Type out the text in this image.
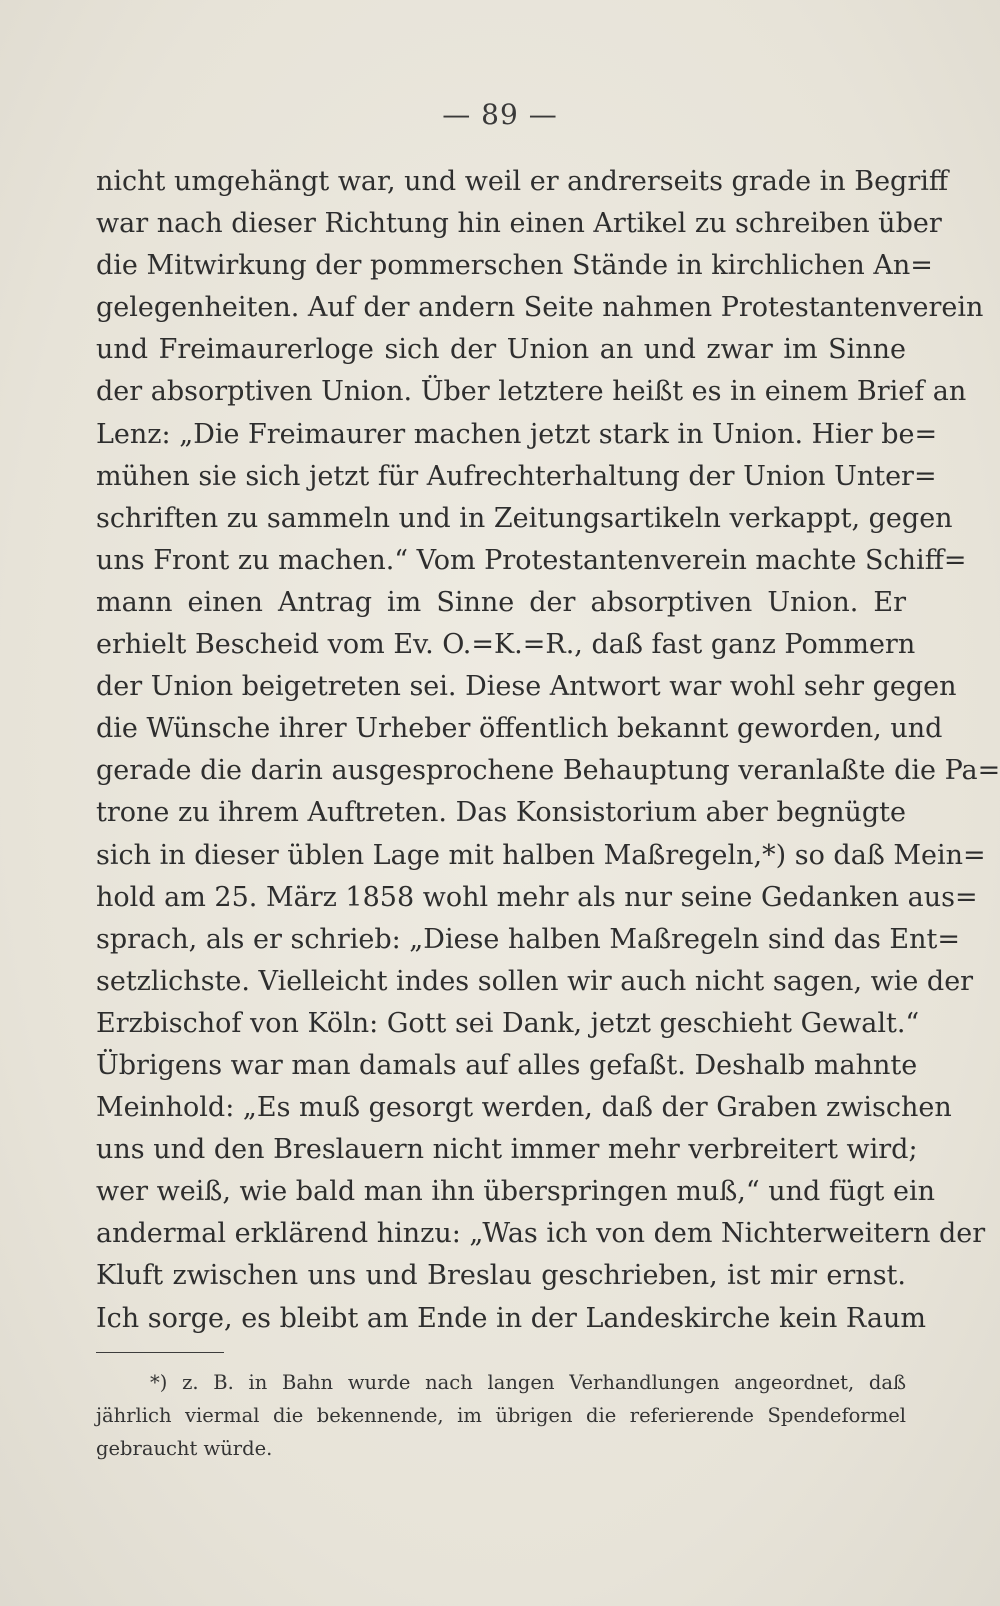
— 89 —
nicht umgehängt war, und weil er andrerseits grade in Begriff
war nach dieser Richtung hin einen Artikel zu schreiben über
die Mitwirkung der pommerschen Stände in kirchlichen An=
gelegenheiten. Auf der andern Seite nahmen Protestantenverein
und Freimaurerloge sich der Union an und zwar im Sinne
der absorptiven Union. Über letztere heißt es in einem Brief an
Lenz: „Die Freimaurer machen jetzt stark in Union. Hier be=
mühen sie sich jetzt für Aufrechterhaltung der Union Unter=
schriften zu sammeln und in Zeitungsartikeln verkappt, gegen
uns Front zu machen.“ Vom Protestantenverein machte Schiff=
mann einen Antrag im Sinne der absorptiven Union. Er
erhielt Bescheid vom Ev. O.=K.=R., daß fast ganz Pommern
der Union beigetreten sei. Diese Antwort war wohl sehr gegen
die Wünsche ihrer Urheber öffentlich bekannt geworden, und
gerade die darin ausgesprochene Behauptung veranlaßte die Pa=
trone zu ihrem Auftreten. Das Konsistorium aber begnügte
sich in dieser üblen Lage mit halben Maßregeln,*) so daß Mein=
hold am 25. März 1858 wohl mehr als nur seine Gedanken aus=
sprach, als er schrieb: „Diese halben Maßregeln sind das Ent=
setzlichste. Vielleicht indes sollen wir auch nicht sagen, wie der
Erzbischof von Köln: Gott sei Dank, jetzt geschieht Gewalt.“
Übrigens war man damals auf alles gefaßt. Deshalb mahnte
Meinhold: „Es muß gesorgt werden, daß der Graben zwischen
uns und den Breslauern nicht immer mehr verbreitert wird;
wer weiß, wie bald man ihn überspringen muß,“ und fügt ein
andermal erklärend hinzu: „Was ich von dem Nichterweitern der
Kluft zwischen uns und Breslau geschrieben, ist mir ernst.
Ich sorge, es bleibt am Ende in der Landeskirche kein Raum
*) z. B. in Bahn wurde nach langen Verhandlungen angeordnet, daß
jährlich viermal die bekennende, im übrigen die referierende Spendeformel
gebraucht würde.
